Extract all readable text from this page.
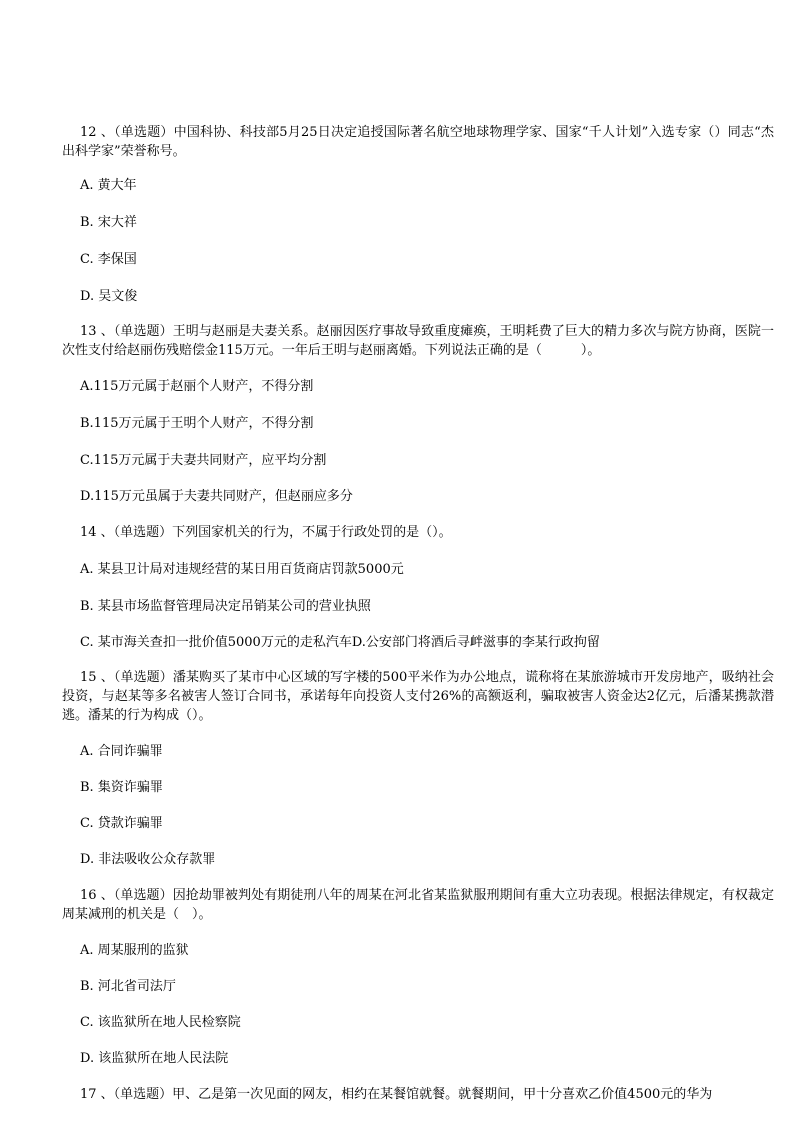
12 、（单选题）中国科协、科技部5月25日决定追授国际著名航空地球物理学家、国家“千人计划”入选专家（）同志“杰出科学家”荣誉称号。
A. 黄大年
B. 宋大祥
C. 李保国
D. 吴文俊
13 、（单选题）王明与赵丽是夫妻关系。赵丽因医疗事故导致重度瘫痪，王明耗费了巨大的精力多次与院方协商，医院一次性支付给赵丽伤残赔偿金115万元。一年后王明与赵丽离婚。下列说法正确的是（　　　）。
A.115万元属于赵丽个人财产，不得分割
B.115万元属于王明个人财产，不得分割
C.115万元属于夫妻共同财产，应平均分割
D.115万元虽属于夫妻共同财产，但赵丽应多分
14 、（单选题）下列国家机关的行为，不属于行政处罚的是（）。
A. 某县卫计局对违规经营的某日用百货商店罚款5000元
B. 某县市场监督管理局决定吊销某公司的营业执照
C. 某市海关查扣一批价值5000万元的走私汽车D.公安部门将酒后寻衅滋事的李某行政拘留
15 、（单选题）潘某购买了某市中心区域的写字楼的500平米作为办公地点，谎称将在某旅游城市开发房地产，吸纳社会投资，与赵某等多名被害人签订合同书，承诺每年向投资人支付26%的高额返利，骗取被害人资金达2亿元，后潘某携款潜逃。潘某的行为构成（）。
A. 合同诈骗罪
B. 集资诈骗罪
C. 贷款诈骗罪
D. 非法吸收公众存款罪
16 、（单选题）因抢劫罪被判处有期徒刑八年的周某在河北省某监狱服刑期间有重大立功表现。根据法律规定，有权裁定周某减刑的机关是（　）。
A. 周某服刑的监狱
B. 河北省司法厅
C. 该监狱所在地人民检察院
D. 该监狱所在地人民法院
17 、（单选题）甲、乙是第一次见面的网友，相约在某餐馆就餐。就餐期间，甲十分喜欢乙价值4500元的华为
